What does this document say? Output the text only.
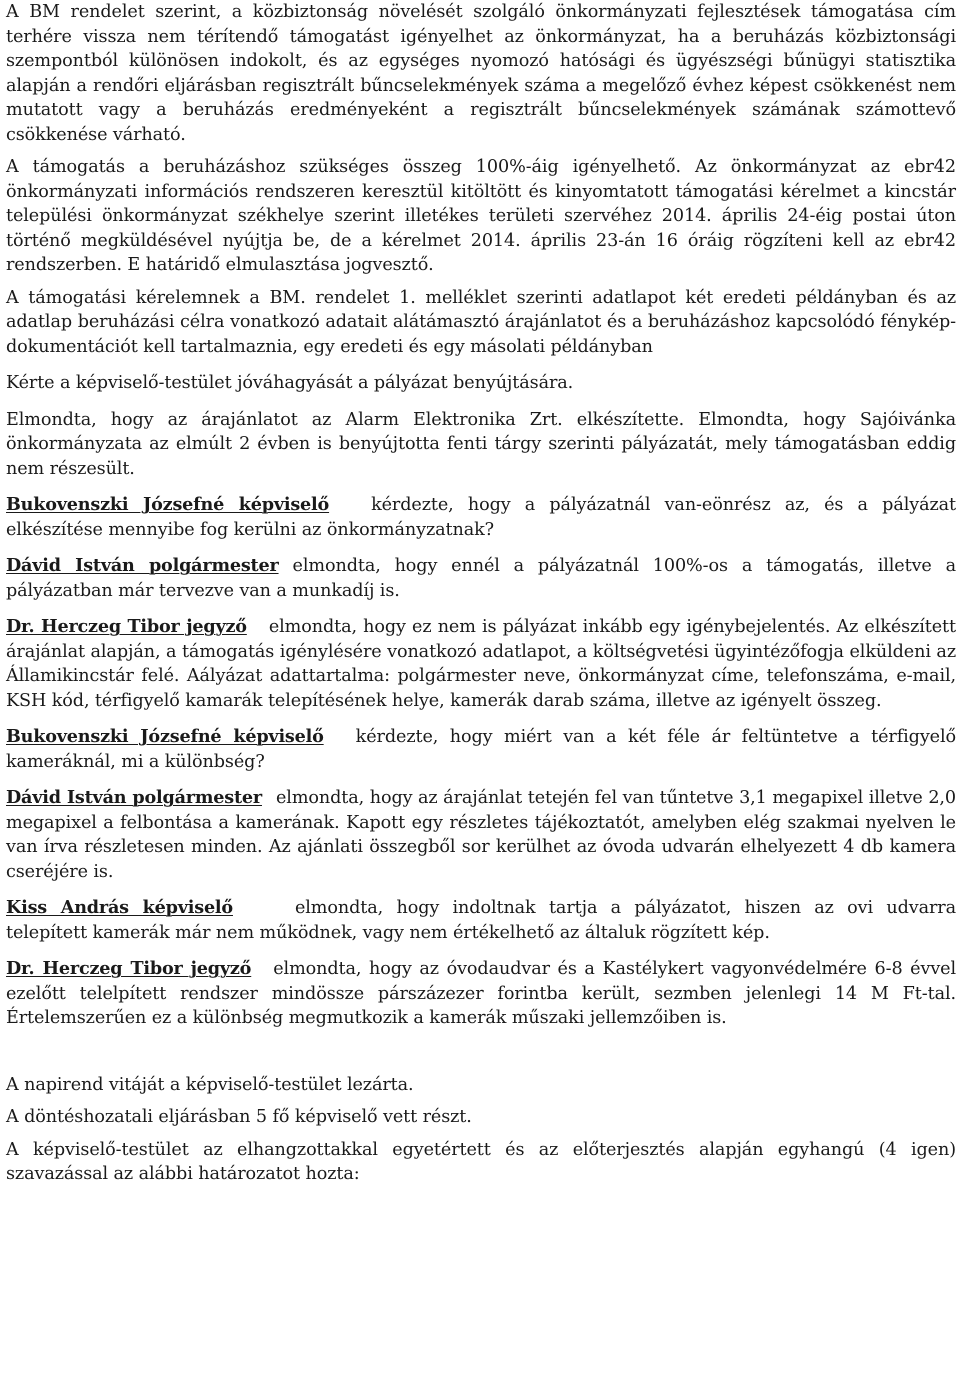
A BM rendelet szerint, a közbiztonság növelését szolgáló önkormányzati fejlesztések támogatása cím terhére vissza nem térítendő támogatást igényelhet az önkormányzat, ha a beruházás közbiztonsági szempontból különösen indokolt, és az egységes nyomozó hatósági és ügyészségi bűnügyi statisztika alapján a rendőri eljárásban regisztrált bűncselekmények száma a megelőző évhez képest csökkenést nem mutatott vagy a beruházás eredményeként a regisztrált bűncselekmények számának számottevő csökkenése várható.

A támogatás a beruházáshoz szükséges összeg 100%-áig igényelhető. Az önkormányzat az ebr42 önkormányzati információs rendszeren keresztül kitöltött és kinyomtatott támogatási kérelmet a kincstár települési önkormányzat székhelye szerint illetékes területi szervéhez 2014. április 24-éig postai úton történő megküldésével nyújtja be, de a kérelmet 2014. április 23-án 16 óráig rögzíteni kell az ebr42 rendszerben. E határidő elmulasztása jogvesztő.

A támogatási kérelemnek a BM. rendelet 1. melléklet szerinti adatlapot két eredeti példányban és az adatlap beruházási célra vonatkozó adatait alátámasztó árajánlatot és a beruházáshoz kapcsolódó fénykép-dokumentációt kell tartalmaznia, egy eredeti és egy másolati példányban

Kérte a képviselő-testület jóváhagyását a pályázat benyújtására.

Elmondta, hogy az árajánlatot az Alarm Elektronika Zrt. elkészítette. Elmondta, hogy Sajóivánka önkormányzata az elmúlt 2 évben is benyújtotta fenti tárgy szerinti pályázatát, mely támogatásban eddig nem részesült.

Bukovenszki Józsefné képviselő kérdezte, hogy a pályázatnál van-eönrész az, és a pályázat elkészítése mennyibe fog kerülni az önkormányzatnak?

Dávid István polgármester elmondta, hogy ennél a pályázatnál 100%-os a támogatás, illetve a pályázatban már tervezve van a munkadíj is.

Dr. Herczeg Tibor jegyző elmondta, hogy ez nem is pályázat inkább egy igénybejelentés. Az elkészített árajánlat alapján, a támogatás igénylésére vonatkozó adatlapot, a költségvetési ügyintézőfogja elküldeni az Államikincstár felé. Aályázat adattartalma: polgármester neve, önkormányzat címe, telefonszáma, e-mail, KSH kód, térfigyelő kamarák telepítésének helye, kamerák darab száma, illetve az igényelt összeg.

Bukovenszki Józsefné képviselő kérdezte, hogy miért van a két féle ár feltüntetve a térfigyelő kameráknál, mi a különbség?

Dávid István polgármester elmondta, hogy az árajánlat tetején fel van tűntetve 3,1 megapixel illetve 2,0 megapixel a felbontása a kamerának. Kapott egy részletes tájékoztatót, amelyben elég szakmai nyelven le van írva részletesen minden. Az ajánlati összegből sor kerülhet az óvoda udvarán elhelyezett 4 db kamera cseréjére is.

Kiss András képviselő	elmondta, hogy indoltnak tartja a pályázatot, hiszen az ovi udvarra telepített kamerák már nem működnek, vagy nem értékelhető az általuk rögzített kép.

Dr. Herczeg Tibor jegyző elmondta, hogy az óvodaudvar és a Kastélykert vagyonvédelmére 6-8 évvel ezelőtt telelpített rendszer mindössze párszázezer forintba került, sezmben jelenlegi 14 M Ft-tal. Értelemszerűen ez a különbség megmutkozik a kamerák műszaki jellemzőiben is.

A napirend vitáját a képviselő-testület lezárta.

A döntéshozatali eljárásban 5 fő képviselő vett részt.

A képviselő-testület az elhangzottakkal egyetértett és az előterjesztés alapján egyhangú (4 igen) szavazással az alábbi határozatot hozta:
